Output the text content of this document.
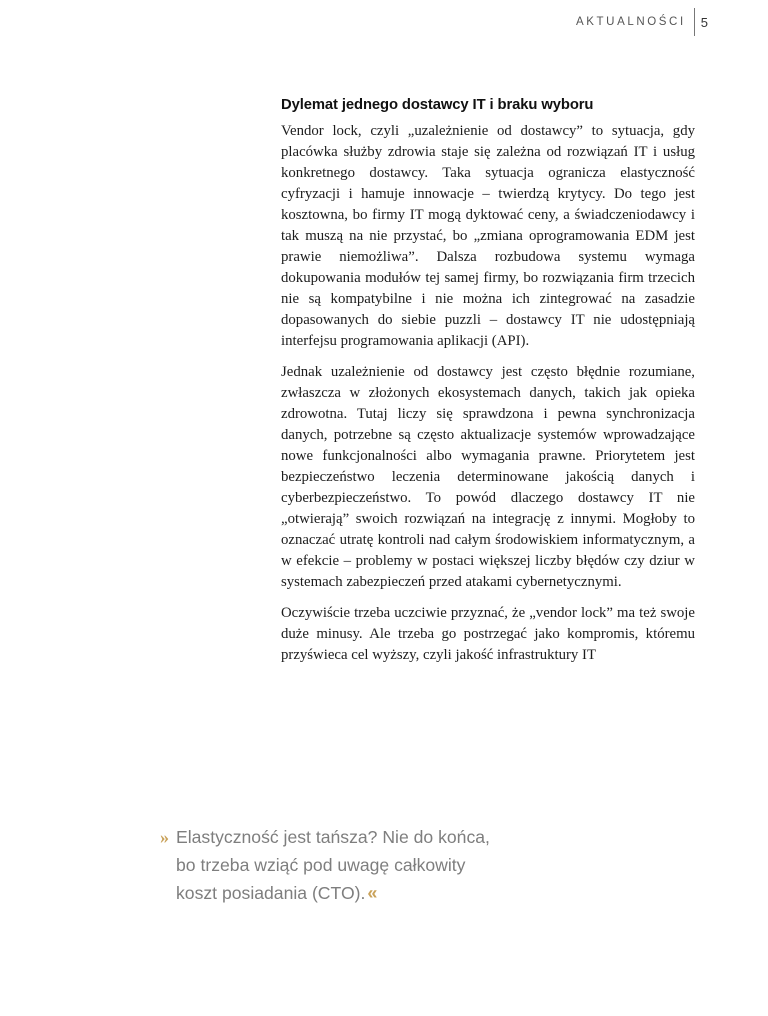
AKTUALNOŚCI	5
Dylemat jednego dostawcy IT i braku wyboru

Vendor lock, czyli „uzależnienie od dostawcy” to sytuacja, gdy placówka służby zdrowia staje się zależna od rozwiązań IT i usług konkretnego dostawcy. Taka sytuacja ogranicza elastyczność cyfryzacji i hamuje innowacje – twierdzą krytycy. Do tego jest kosztowna, bo firmy IT mogą dyktować ceny, a świadczeniodawcy i tak muszą na nie przystać, bo „zmiana oprogramowania EDM jest prawie niemożliwa”. Dalsza rozbudowa systemu wymaga dokupowania modułów tej samej firmy, bo rozwiązania firm trzecich nie są kompatybilne i nie można ich zintegrować na zasadzie dopasowanych do siebie puzzli – dostawcy IT nie udostępniają interfejsu programowania aplikacji (API).

Jednak uzależnienie od dostawcy jest często błędnie rozumiane, zwłaszcza w złożonych ekosystemach danych, takich jak opieka zdrowotna. Tutaj liczy się sprawdzona i pewna synchronizacja danych, potrzebne są często aktualizacje systemów wprowadzające nowe funkcjonalności albo wymagania prawne. Priorytetem jest bezpieczeństwo leczenia determinowane jakością danych i cyberbezpieczeństwo. To powód dlaczego dostawcy IT nie „otwierają” swoich rozwiązań na integrację z innymi. Mogłoby to oznaczać utratę kontroli nad całym środowiskiem informatycznym, a w efekcie – problemy w postaci większej liczby błędów czy dziur w systemach zabezpieczeń przed atakami cybernetycznymi.

Oczywiście trzeba uczciwie przyznać, że „vendor lock” ma też swoje duże minusy. Ale trzeba go postrzegać jako kompromis, któremu przyświeca cel wyższy, czyli jakość infrastruktury IT

» Elastyczność jest tańsza? Nie do końca,
bo trzeba wziąć pod uwagę całkowity
koszt posiadania (CTO). «
